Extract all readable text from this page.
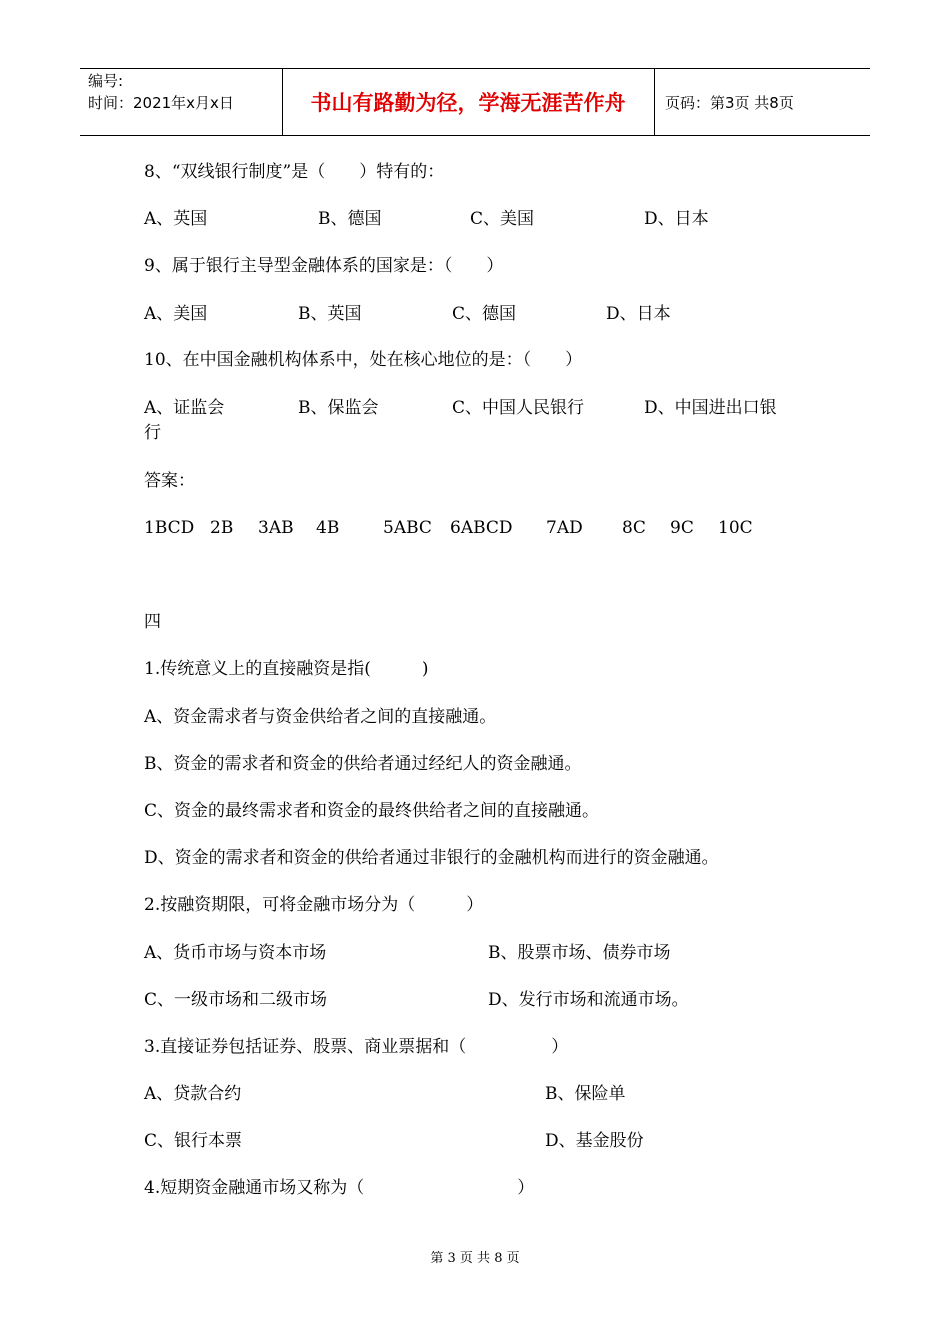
编号:
时间：2021年x月x日	书山有路勤为径，学海无涯苦作舟	页码：第3页 共8页
8、“双线银行制度”是（　　）特有的：
A、英国	B、德国	C、美国	D、日本
9、属于银行主导型金融体系的国家是：（　　）
A、美国	B、英国	C、德国	D、日本
10、在中国金融机构体系中，处在核心地位的是：（　　）
A、证监会	B、保监会	C、中国人民银行	D、中国进出口银
行
答案：
1BCD 2B 3AB 4B	5ABC 6ABCD 7AD 8C 9C 10C
四
1.传统意义上的直接融资是指(　　　)
A、资金需求者与资金供给者之间的直接融通。
B、资金的需求者和资金的供给者通过经纪人的资金融通。
C、资金的最终需求者和资金的最终供给者之间的直接融通。
D、资金的需求者和资金的供给者通过非银行的金融机构而进行的资金融通。
2.按融资期限，可将金融市场分为（　　　）
A、货币市场与资本市场	B、股票市场、债券市场
C、一级市场和二级市场	D、发行市场和流通市场。
3.直接证券包括证券、股票、商业票据和（　　　　　）
A、贷款合约	B、保险单
C、银行本票	D、基金股份
4.短期资金融通市场又称为（　　　　　　　　　）
第 3 页 共 8 页
